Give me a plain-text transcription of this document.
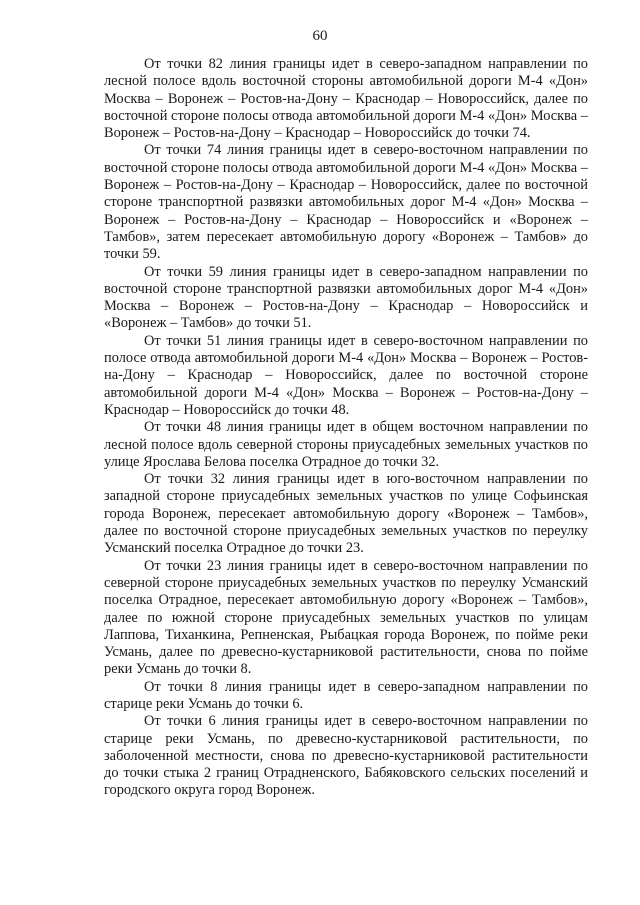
60

От точки 82 линия границы идет в северо-западном направлении по лесной полосе вдоль восточной стороны автомобильной дороги М-4 «Дон» Москва – Воронеж – Ростов-на-Дону – Краснодар – Новороссийск, далее по восточной стороне полосы отвода автомобильной дороги М-4 «Дон» Москва – Воронеж – Ростов-на-Дону – Краснодар – Новороссийск до точки 74.

От точки 74 линия границы идет в северо-восточном направлении по восточной стороне полосы отвода автомобильной дороги М-4 «Дон» Москва – Воронеж – Ростов-на-Дону – Краснодар – Новороссийск, далее по восточной стороне транспортной развязки автомобильных дорог М-4 «Дон» Москва – Воронеж – Ростов-на-Дону – Краснодар – Новороссийск и «Воронеж – Тамбов», затем пересекает автомобильную дорогу «Воронеж – Тамбов» до точки 59.

От точки 59 линия границы идет в северо-западном направлении по восточной стороне транспортной развязки автомобильных дорог М-4 «Дон» Москва – Воронеж – Ростов-на-Дону – Краснодар – Новороссийск и «Воронеж – Тамбов» до точки 51.

От точки 51 линия границы идет в северо-восточном направлении по полосе отвода автомобильной дороги М-4 «Дон» Москва – Воронеж – Ростов-на-Дону – Краснодар – Новороссийск, далее по восточной стороне автомобильной дороги М-4 «Дон» Москва – Воронеж – Ростов-на-Дону – Краснодар – Новороссийск до точки 48.

От точки 48 линия границы идет в общем восточном направлении по лесной полосе вдоль северной стороны приусадебных земельных участков по улице Ярослава Белова поселка Отрадное до точки 32.

От точки 32 линия границы идет в юго-восточном направлении по западной стороне приусадебных земельных участков по улице Софьинская города Воронеж, пересекает автомобильную дорогу «Воронеж – Тамбов», далее по восточной стороне приусадебных земельных участков по переулку Усманский поселка Отрадное до точки 23.

От точки 23 линия границы идет в северо-восточном направлении по северной стороне приусадебных земельных участков по переулку Усманский поселка Отрадное, пересекает автомобильную дорогу «Воронеж – Тамбов», далее по южной стороне приусадебных земельных участков по улицам Лаппова, Тиханкина, Репненская, Рыбацкая города Воронеж, по пойме реки Усмань, далее по древесно-кустарниковой растительности, снова по пойме реки Усмань до точки 8.

От точки 8 линия границы идет в северо-западном направлении по старице реки Усмань до точки 6.

От точки 6 линия границы идет в северо-восточном направлении по старице реки Усмань, по древесно-кустарниковой растительности, по заболоченной местности, снова по древесно-кустарниковой растительности до точки стыка 2 границ Отрадненского, Бабяковского сельских поселений и городского округа город Воронеж.
